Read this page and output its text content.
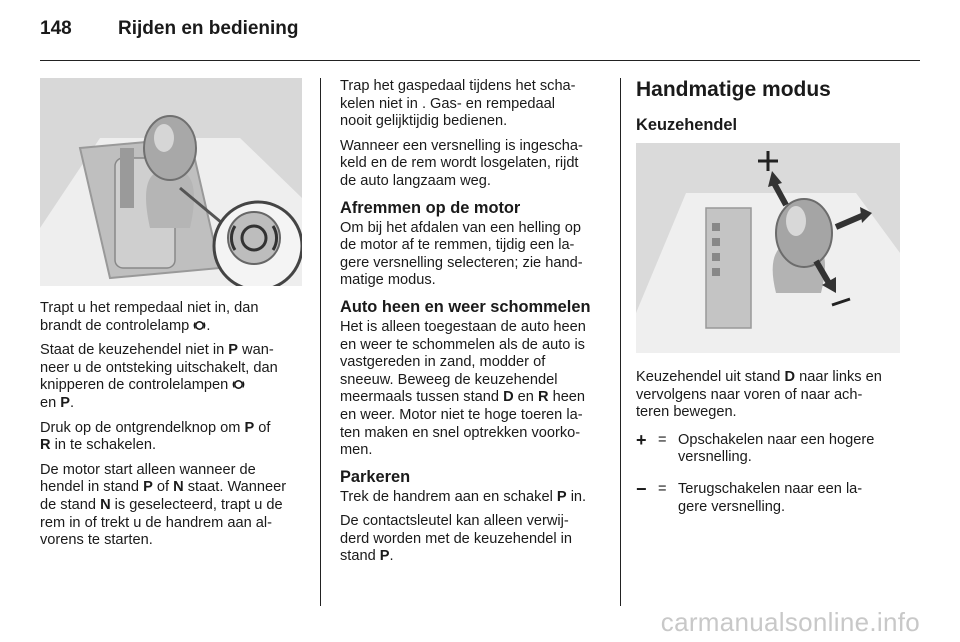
148 Rijden en bediening

Trapt u het rempedaal niet in, dan
brandt de controlelamp .

Staat de keuzehendel niet in P wan-
neer u de ontsteking uitschakelt, dan
knipperen de controlelampen
en P.

Druk op de ontgrendelknop om P of
R in te schakelen.

De motor start alleen wanneer de
hendel in stand P of N staat. Wanneer
de stand N is geselecteerd, trapt u de
rem in of trekt u de handrem aan al-
vorens te starten.

Trap het gaspedaal tijdens het scha-
kelen niet in . Gas- en rempedaal
nooit gelijktijdig bedienen.

Wanneer een versnelling is ingescha-
keld en de rem wordt losgelaten, rijdt
de auto langzaam weg.

Afremmen op de motor

Om bij het afdalen van een helling op
de motor af te remmen, tijdig een la-
gere versnelling selecteren; zie hand-
matige modus.

Auto heen en weer schommelen

Het is alleen toegestaan de auto heen
en weer te schommelen als de auto is
vastgereden in zand, modder of
sneeuw. Beweeg de keuzehendel
meermaals tussen stand D en R heen
en weer. Motor niet te hoge toeren la-
ten maken en snel optrekken voorko-
men.

Parkeren

Trek de handrem aan en schakel P in.

De contactsleutel kan alleen verwij-
derd worden met de keuzehendel in
stand P.

Handmatige modus
Keuzehendel

Keuzehendel uit stand D naar links en
vervolgens naar voren of naar ach-
teren bewegen.

+ = Opschakelen naar een hogere
versnelling.
− = Terugschakelen naar een la-
gere versnelling.
carmanualsonline.info
